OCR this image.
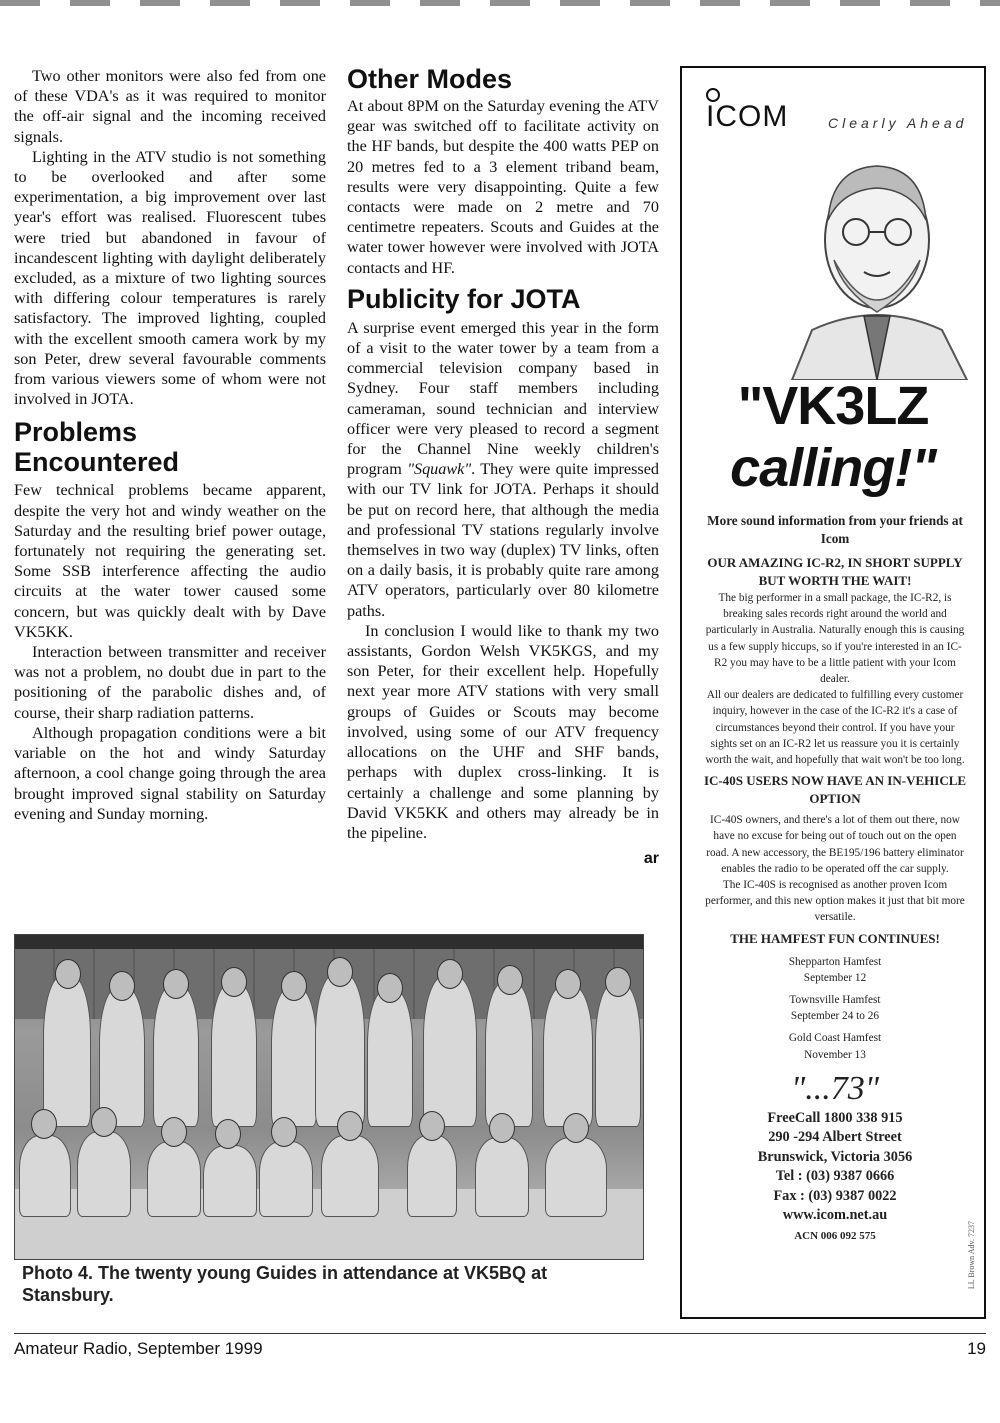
Two other monitors were also fed from one of these VDA's as it was required to monitor the off-air signal and the incoming received signals.

Lighting in the ATV studio is not something to be overlooked and after some experimentation, a big improvement over last year's effort was realised. Fluorescent tubes were tried but abandoned in favour of incandescent lighting with daylight deliberately excluded, as a mixture of two lighting sources with differing colour temperatures is rarely satisfactory. The improved lighting, coupled with the excellent smooth camera work by my son Peter, drew several favourable comments from various viewers some of whom were not involved in JOTA.

Problems
Encountered

Few technical problems became apparent, despite the very hot and windy weather on the Saturday and the resulting brief power outage, fortunately not requiring the generating set. Some SSB interference affecting the audio circuits at the water tower caused some concern, but was quickly dealt with by Dave VK5KK.

Interaction between transmitter and receiver was not a problem, no doubt due in part to the positioning of the parabolic dishes and, of course, their sharp radiation patterns.

Although propagation conditions were a bit variable on the hot and windy Saturday afternoon, a cool change going through the area brought improved signal stability on Saturday evening and Sunday morning.

Other Modes

At about 8PM on the Saturday evening the ATV gear was switched off to facilitate activity on the HF bands, but despite the 400 watts PEP on 20 metres fed to a 3 element triband beam, results were very disappointing. Quite a few contacts were made on 2 metre and 70 centimetre repeaters. Scouts and Guides at the water tower however were involved with JOTA contacts and HF.

Publicity for JOTA

A surprise event emerged this year in the form of a visit to the water tower by a team from a commercial television company based in Sydney. Four staff members including cameraman, sound technician and interview officer were very pleased to record a segment for the Channel Nine weekly children's program "Squawk". They were quite impressed with our TV link for JOTA. Perhaps it should be put on record here, that although the media and professional TV stations regularly involve themselves in two way (duplex) TV links, often on a daily basis, it is probably quite rare among ATV operators, particularly over 80 kilometre paths.

In conclusion I would like to thank my two assistants, Gordon Welsh VK5KGS, and my son Peter, for their excellent help. Hopefully next year more ATV stations with very small groups of Guides or Scouts may become involved, using some of our ATV frequency allocations on the UHF and SHF bands, perhaps with duplex cross-linking. It is certainly a challenge and some planning by David VK5KK and others may already be in the pipeline.

ar
Photo 4. The twenty young Guides in attendance at VK5BQ at Stansbury.
ICOM	Clearly Ahead
"VK3LZ
calling!"

More sound information from your friends at Icom

OUR AMAZING IC-R2, IN SHORT SUPPLY BUT WORTH THE WAIT!

The big performer in a small package, the IC-R2, is breaking sales records right around the world and particularly in Australia. Naturally enough this is causing us a few supply hiccups, so if you're interested in an IC-R2 you may have to be a little patient with your Icom dealer.

All our dealers are dedicated to fulfilling every customer inquiry, however in the case of the IC-R2 it's a case of circumstances beyond their control. If you have your sights set on an IC-R2 let us reassure you it is certainly worth the wait, and hopefully that wait won't be too long.

IC-40S USERS NOW HAVE AN IN-VEHICLE OPTION

IC-40S owners, and there's a lot of them out there, now have no excuse for being out of touch out on the open road. A new accessory, the BE195/196 battery eliminator enables the radio to be operated off the car supply.

The IC-40S is recognised as another proven Icom performer, and this new option makes it just that bit more versatile.

THE HAMFEST FUN CONTINUES!

Shepparton Hamfest

September 12

Townsville Hamfest

September 24 to 26

Gold Coast Hamfest

November 13

"...73"
FreeCall 1800 338 915
290 -294 Albert Street
Brunswick, Victoria 3056
Tel : (03) 9387 0666
Fax : (03) 9387 0022
www.icom.net.au
ACN 006 092 575	LL Brown Adv. 7237
Amateur Radio, September 1999	19
